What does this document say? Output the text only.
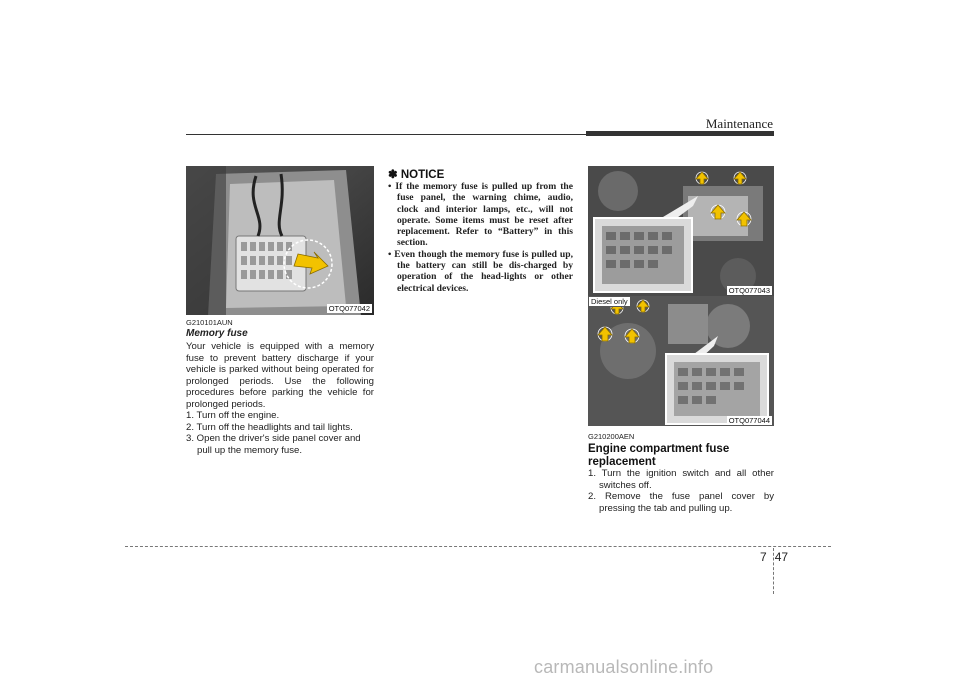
Maintenance
OTQ077042
G210101AUN
Memory fuse
Your vehicle is equipped with a memory fuse to prevent battery discharge if your vehicle is parked without being operated for prolonged periods. Use the following procedures before parking the vehicle for prolonged periods.
1. Turn off the engine.
2. Turn off the headlights and tail lights.
3. Open the driver's side panel cover and pull up the memory fuse.
✽ NOTICE
• If the memory fuse is pulled up from the fuse panel, the warning chime, audio, clock and interior lamps, etc., will not operate. Some items must be reset after replacement. Refer to “Battery” in this section.
• Even though the memory fuse is pulled up, the battery can still be dis-charged by operation of the head-lights or other electrical devices.	OTQ077043
Diesel only
OTQ077044
G210200AEN
Engine compartment fuse replacement
1. Turn the ignition switch and all other switches off.
2. Remove the fuse panel cover by pressing the tab and pulling up.
7 47
carmanualsonline.info
